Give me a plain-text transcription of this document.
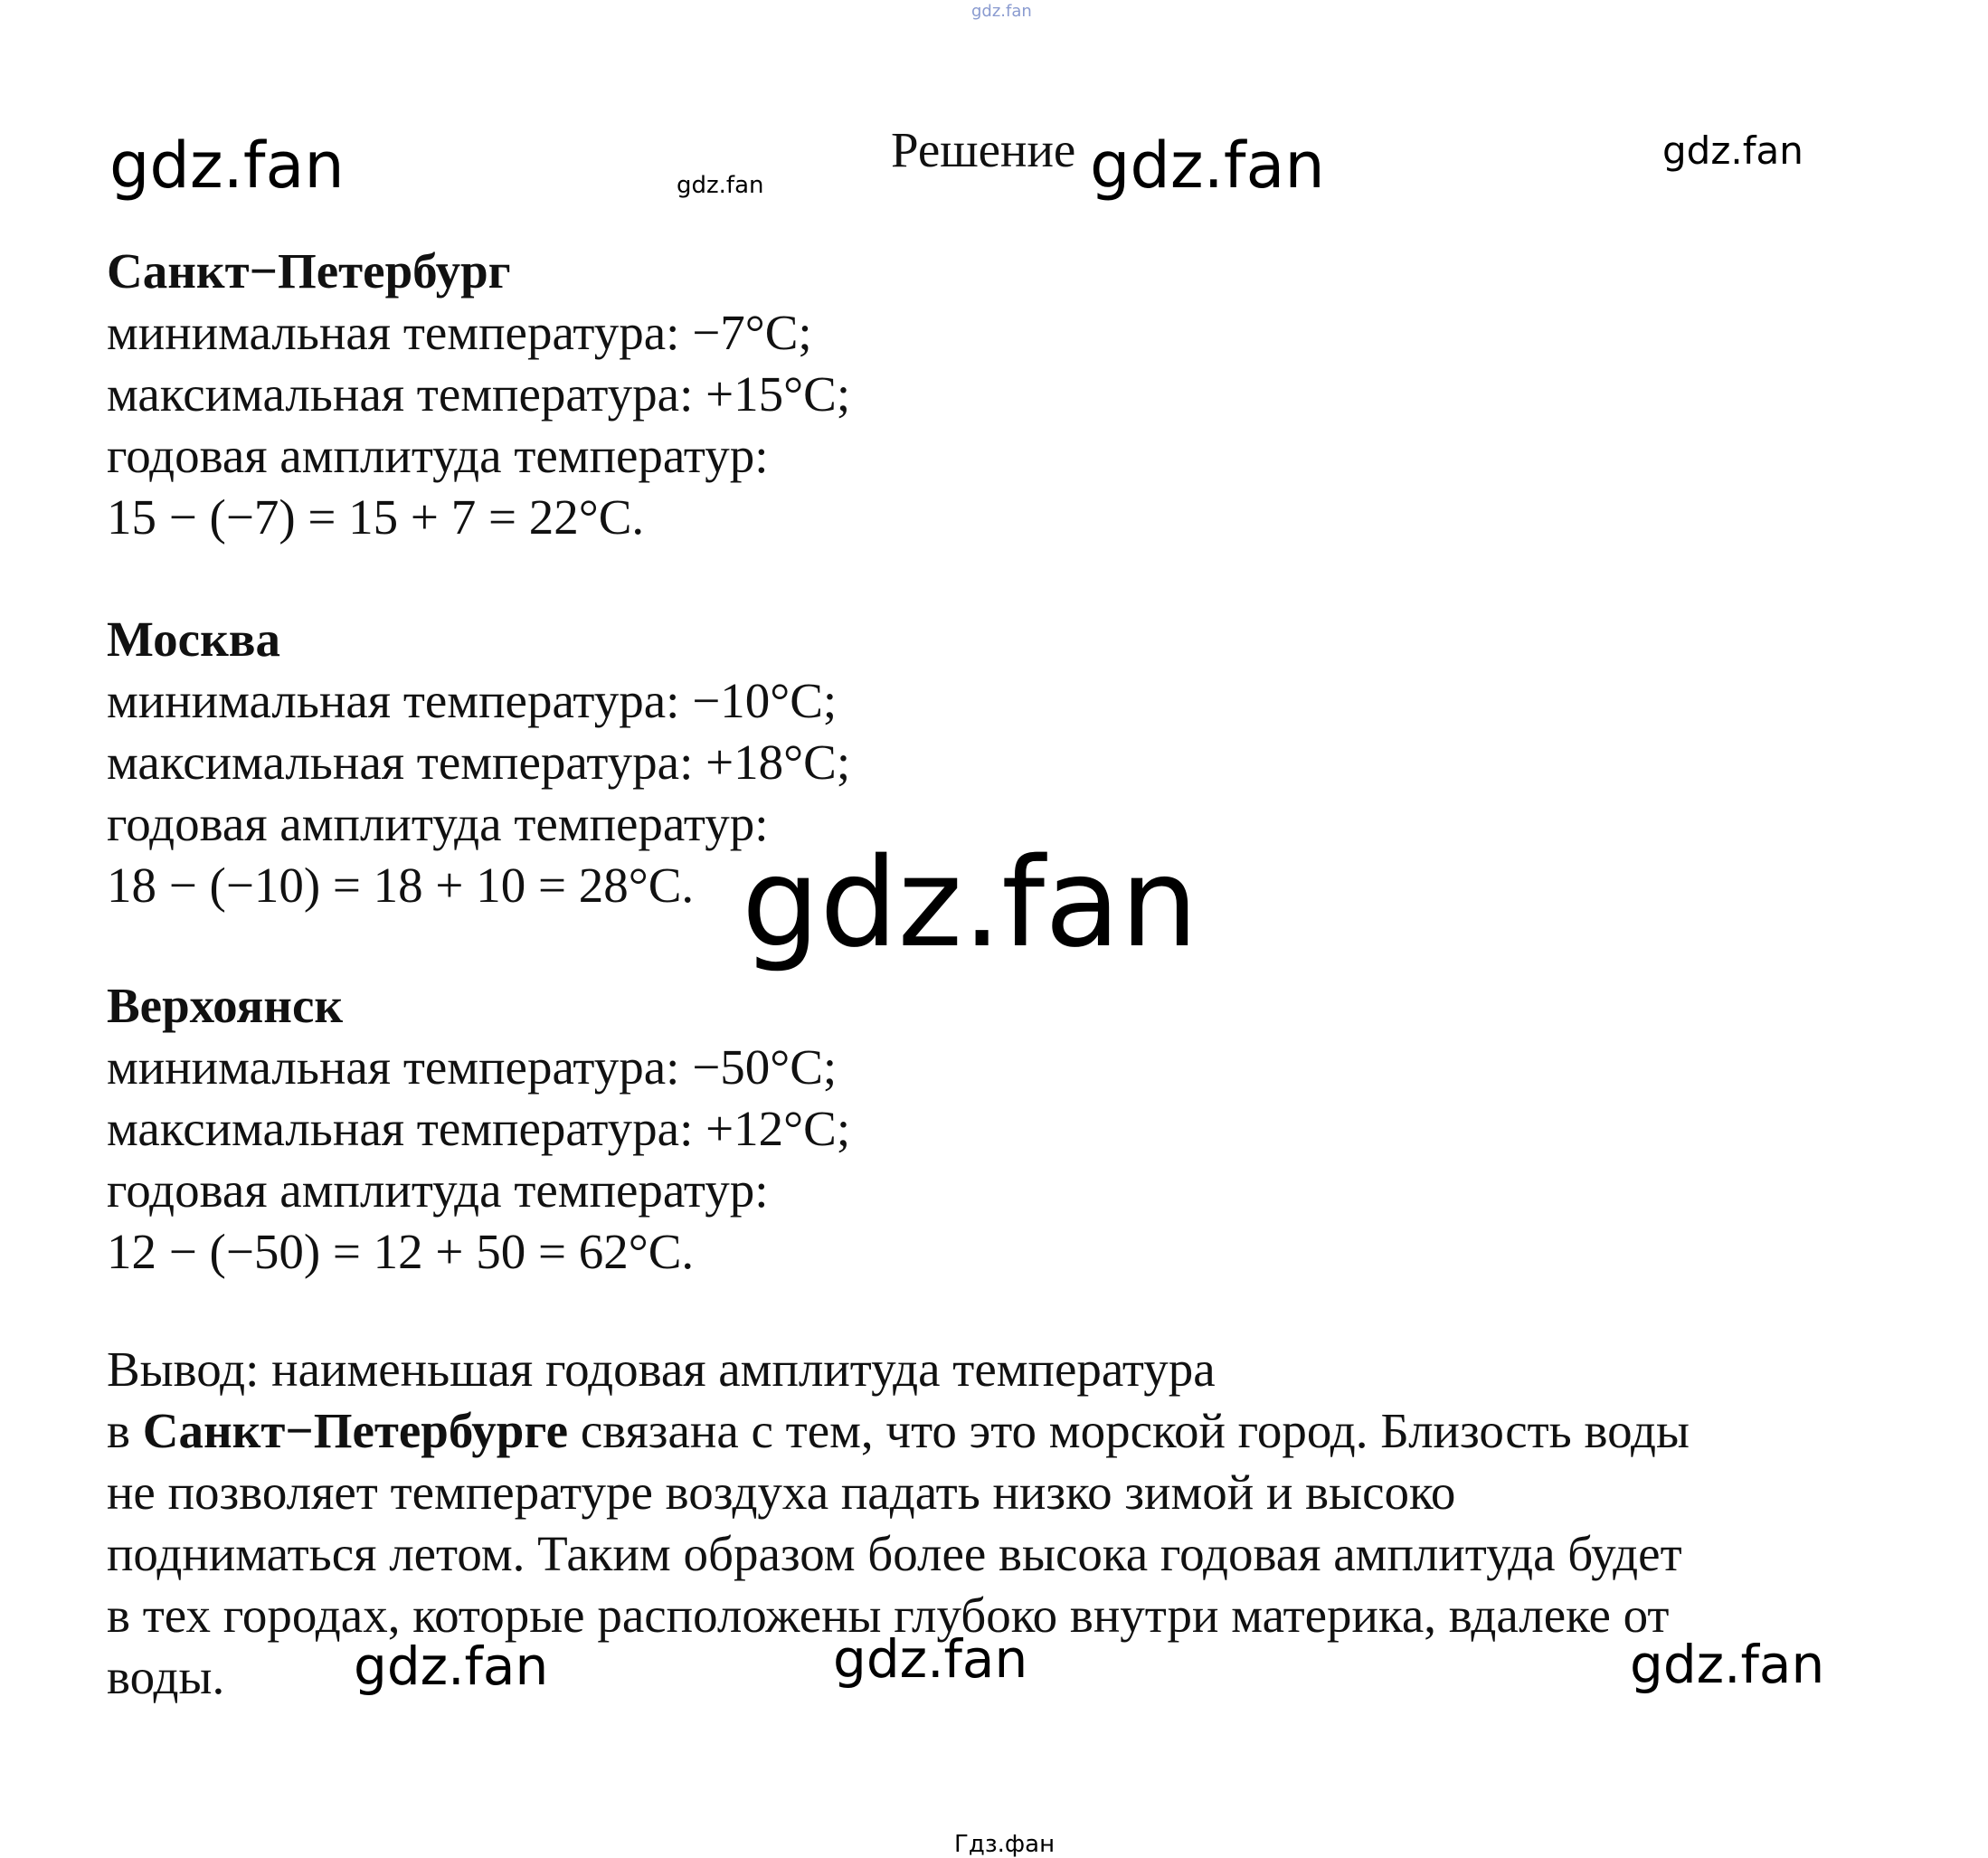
gdz.fan
gdz.fan	gdz.fan	gdz.fan	gdz.fan
Решение
Санкт−Петербург
минимальная температура: −7°С;
максимальная температура: +15°С;
годовая амплитуда температур:
15 − (−7) = 15 + 7 = 22°С.
Москва
минимальная температура: −10°С;
максимальная температура: +18°С;
годовая амплитуда температур:
18 − (−10) = 18 + 10 = 28°С.
Верхоянск
минимальная температура: −50°С;
максимальная температура: +12°С;
годовая амплитуда температур:
12 − (−50) = 12 + 50 = 62°С.
Вывод: наименьшая годовая амплитуда температура
в Санкт−Петербурге связана с тем, что это морской город. Близость воды
не позволяет температуре воздуха падать низко зимой и высоко
подниматься летом. Таким образом более высока годовая амплитуда будет
в тех городах, которые расположены глубоко внутри материка, вдалеке от
воды.
gdz.fan
gdz.fan	gdz.fan	gdz.fan
Гдз.фан
